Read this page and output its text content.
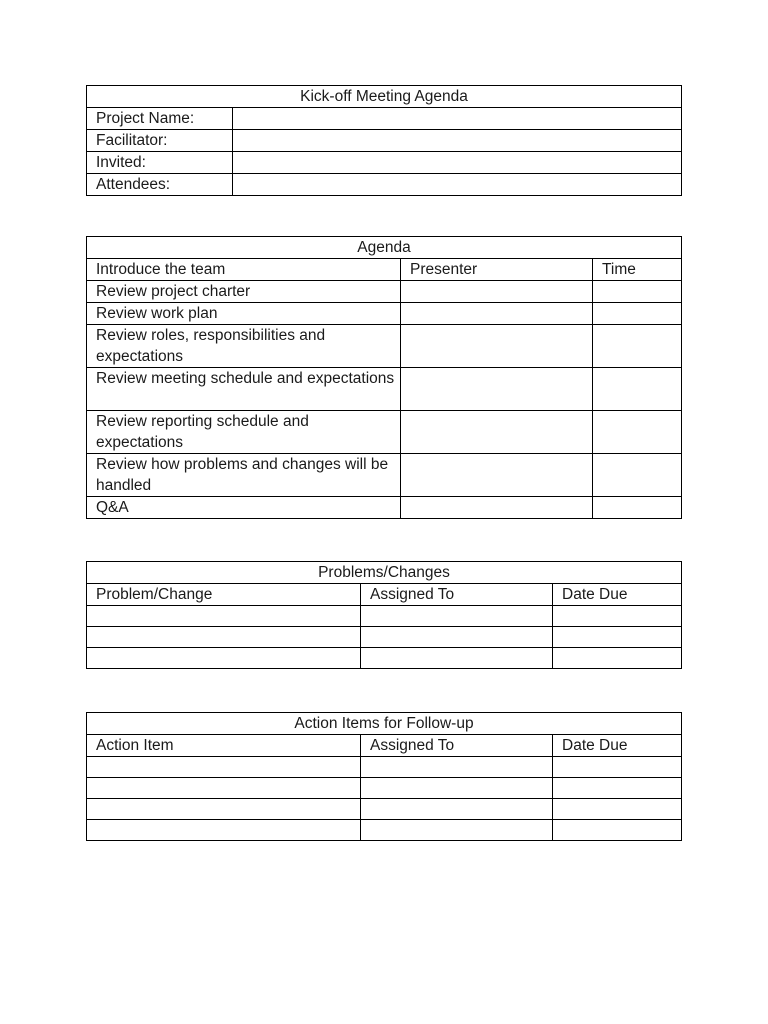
Kick-off Meeting Agenda	
Project Name:	
Facilitator:	
Invited:	
Attendees:	
Agenda		
Introduce the team	Presenter	Time
Review project charter		
Review work plan		
Review roles, responsibilities and expectations		
Review meeting schedule and expectations		
Review reporting schedule and expectations		
Review how problems and changes will be handled		
Q&A		
Problems/Changes		
Problem/Change	Assigned To	Date Due

Action Items for Follow-up		
Action Item	Assigned To	Date Due
